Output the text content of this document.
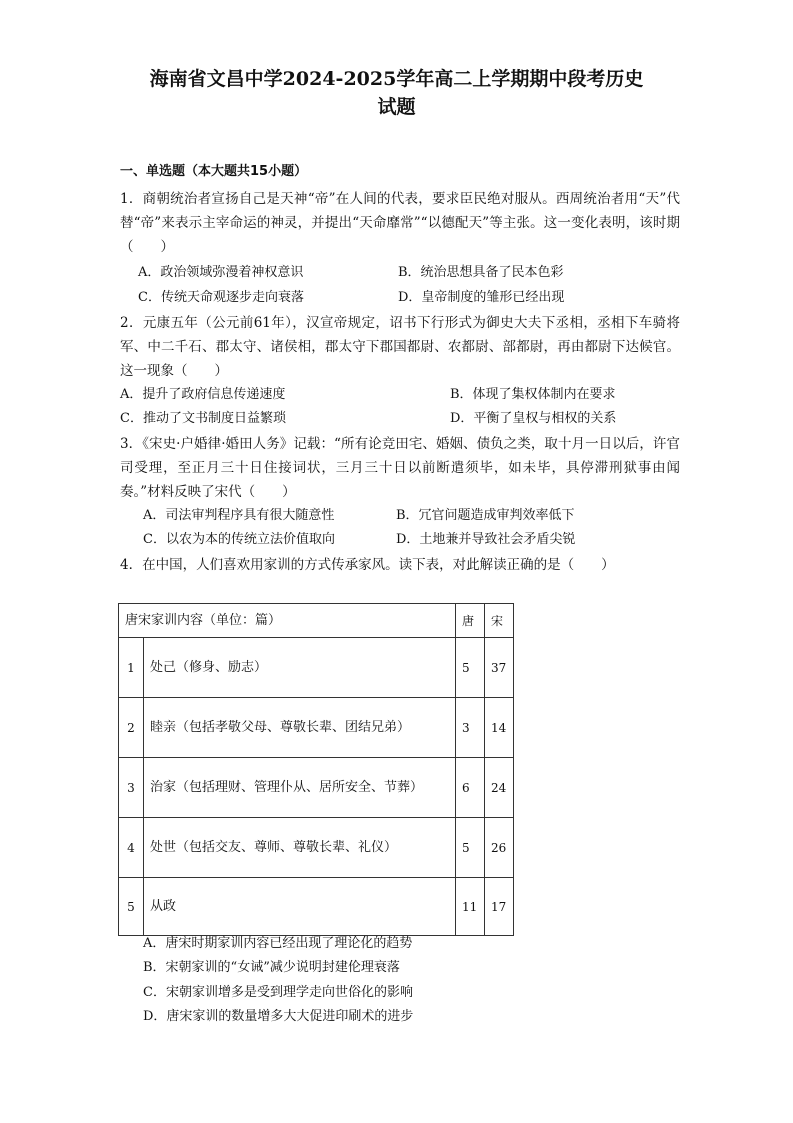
海南省文昌中学2024-2025学年高二上学期期中段考历史
试题
一、单选题（本大题共15小题）
1．商朝统治者宣扬自己是天神“帝”在人间的代表，要求臣民绝对服从。西周统治者用“天”代替“帝”来表示主宰命运的神灵，并提出“天命靡常”“以德配天”等主张。这一变化表明，该时期（　　）
A．政治领域弥漫着神权意识	B．统治思想具备了民本色彩
C．传统天命观逐步走向衰落	D．皇帝制度的雏形已经出现
2．元康五年（公元前61年），汉宣帝规定，诏书下行形式为御史大夫下丞相，丞相下车骑将军、中二千石、郡太守、诸侯相，郡太守下郡国都尉、农都尉、部都尉，再由都尉下达候官。这一现象（　　）
A．提升了政府信息传递速度	B．体现了集权体制内在要求
C．推动了文书制度日益繁琐	D．平衡了皇权与相权的关系
3．《宋史·户婚律·婚田人务》记载：“所有论竞田宅、婚姻、债负之类，取十月一日以后，许官司受理，至正月三十日住接词状，三月三十日以前断遣须毕，如未毕，具停滞刑狱事由闻奏。”材料反映了宋代（　　）
A．司法审判程序具有很大随意性	B．冗官问题造成审判效率低下
C．以农为本的传统立法价值取向	D．土地兼并导致社会矛盾尖锐
4．在中国，人们喜欢用家训的方式传承家风。读下表，对此解读正确的是（　　）
唐宋家训内容（单位：篇）		唐	宋
1	处己（修身、励志）	5	37
2	睦亲（包括孝敬父母、尊敬长辈、团结兄弟）	3	14
3	治家（包括理财、管理仆从、居所安全、节葬）	6	24
4	处世（包括交友、尊师、尊敬长辈、礼仪）	5	26
5	从政	11	17
A．唐宋时期家训内容已经出现了理论化的趋势
B．宋朝家训的“女诫”减少说明封建伦理衰落
C．宋朝家训增多是受到理学走向世俗化的影响
D．唐宋家训的数量增多大大促进印刷术的进步
